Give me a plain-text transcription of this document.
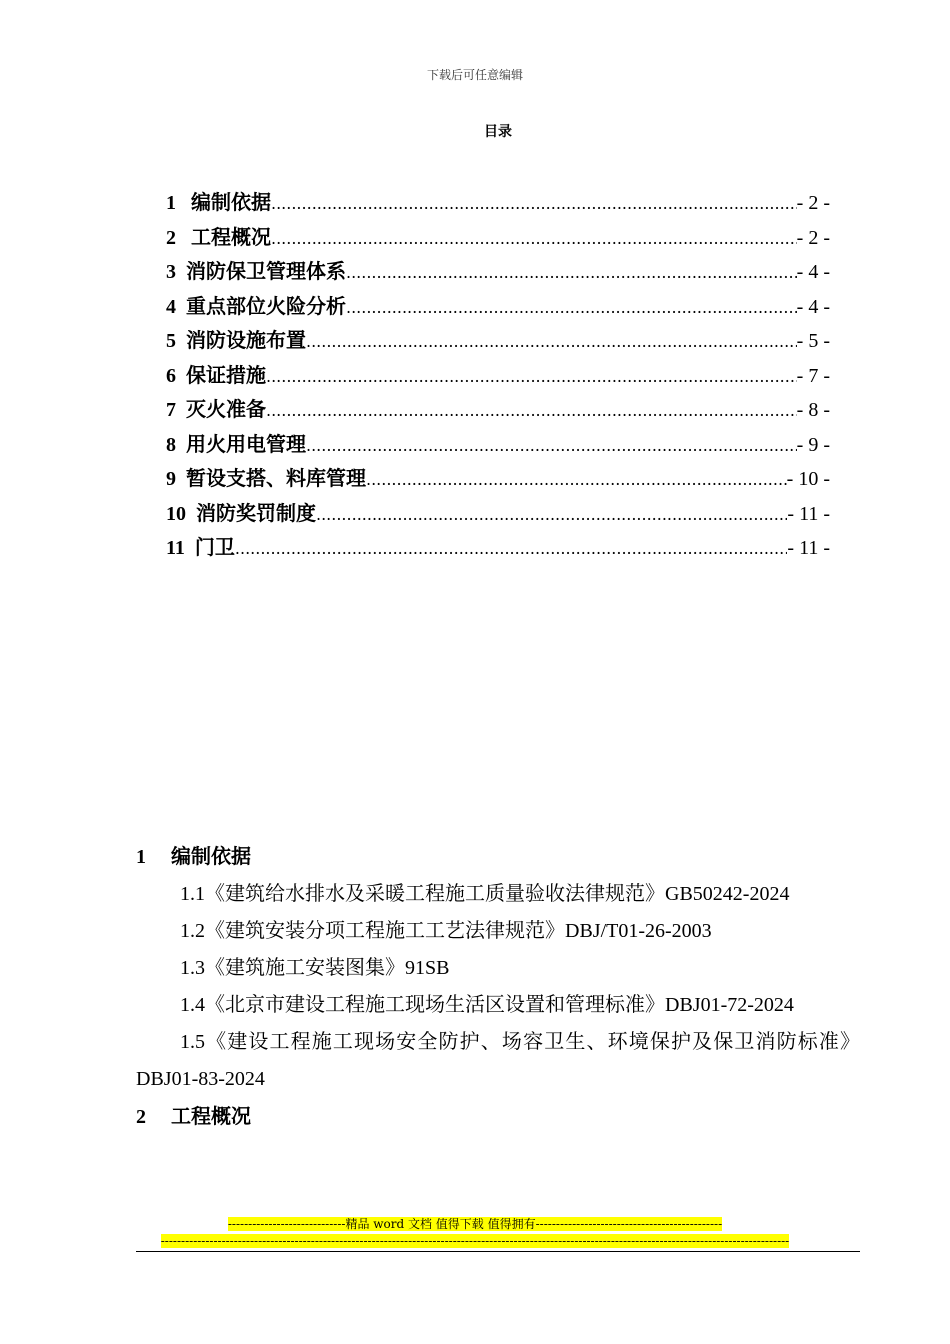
下载后可任意编辑
目录
1 编制依据 .....	- 2 -
2 工程概况 .....	- 2 -
3 消防保卫管理体系 .....	- 4 -
4 重点部位火险分析 .....	- 4 -
5 消防设施布置 .....	- 5 -
6 保证措施 .....	- 7 -
7 灭火准备 .....	- 8 -
8 用火用电管理 .....	- 9 -
9 暂设支搭、料库管理 .....	- 10 -
10 消防奖罚制度 .....	- 11 -
11 门卫 .....	- 11 -

1 编制依据

1.1《建筑给水排水及采暖工程施工质量验收法律规范》GB50242-2024

1.2《建筑安装分项工程施工工艺法律规范》DBJ/T01-26-2003

1.3《建筑施工安装图集》91SB

1.4《北京市建设工程施工现场生活区设置和管理标准》DBJ01-72-2024

1.5《建设工程施工现场安全防护、场容卫生、环境保护及保卫消防标准》DBJ01-83-2024

2 工程概况

-----------------------------精品 word 文档 值得下载 值得拥有----------------------------------------------
-----------------------------------------------------------------------------------------------------------------------------------------------------------
